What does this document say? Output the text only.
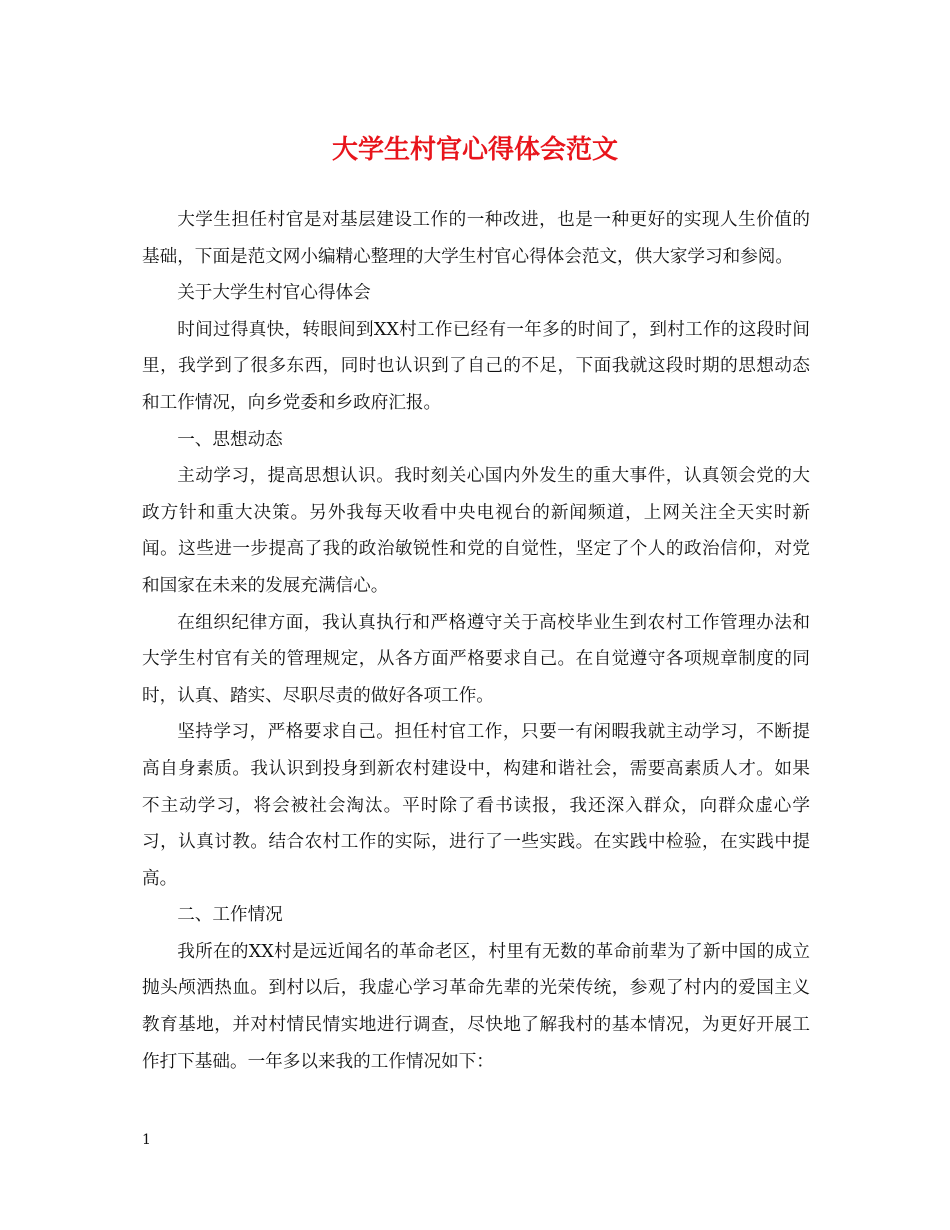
大学生村官心得体会范文

大学生担任村官是对基层建设工作的一种改进，也是一种更好的实现人生价值的基础，下面是范文网小编精心整理的大学生村官心得体会范文，供大家学习和参阅。

关于大学生村官心得体会

时间过得真快，转眼间到XX村工作已经有一年多的时间了，到村工作的这段时间里，我学到了很多东西，同时也认识到了自己的不足，下面我就这段时期的思想动态和工作情况，向乡党委和乡政府汇报。

一、思想动态

主动学习，提高思想认识。我时刻关心国内外发生的重大事件，认真领会党的大政方针和重大决策。另外我每天收看中央电视台的新闻频道，上网关注全天实时新闻。这些进一步提高了我的政治敏锐性和党的自觉性，坚定了个人的政治信仰，对党和国家在未来的发展充满信心。

在组织纪律方面，我认真执行和严格遵守关于高校毕业生到农村工作管理办法和大学生村官有关的管理规定，从各方面严格要求自己。在自觉遵守各项规章制度的同时，认真、踏实、尽职尽责的做好各项工作。

坚持学习，严格要求自己。担任村官工作，只要一有闲暇我就主动学习，不断提高自身素质。我认识到投身到新农村建设中，构建和谐社会，需要高素质人才。如果不主动学习，将会被社会淘汰。平时除了看书读报，我还深入群众，向群众虚心学习，认真讨教。结合农村工作的实际，进行了一些实践。在实践中检验，在实践中提高。

二、工作情况

我所在的XX村是远近闻名的革命老区，村里有无数的革命前辈为了新中国的成立抛头颅洒热血。到村以后，我虚心学习革命先辈的光荣传统，参观了村内的爱国主义教育基地，并对村情民情实地进行调查，尽快地了解我村的基本情况，为更好开展工作打下基础。一年多以来我的工作情况如下：

1
